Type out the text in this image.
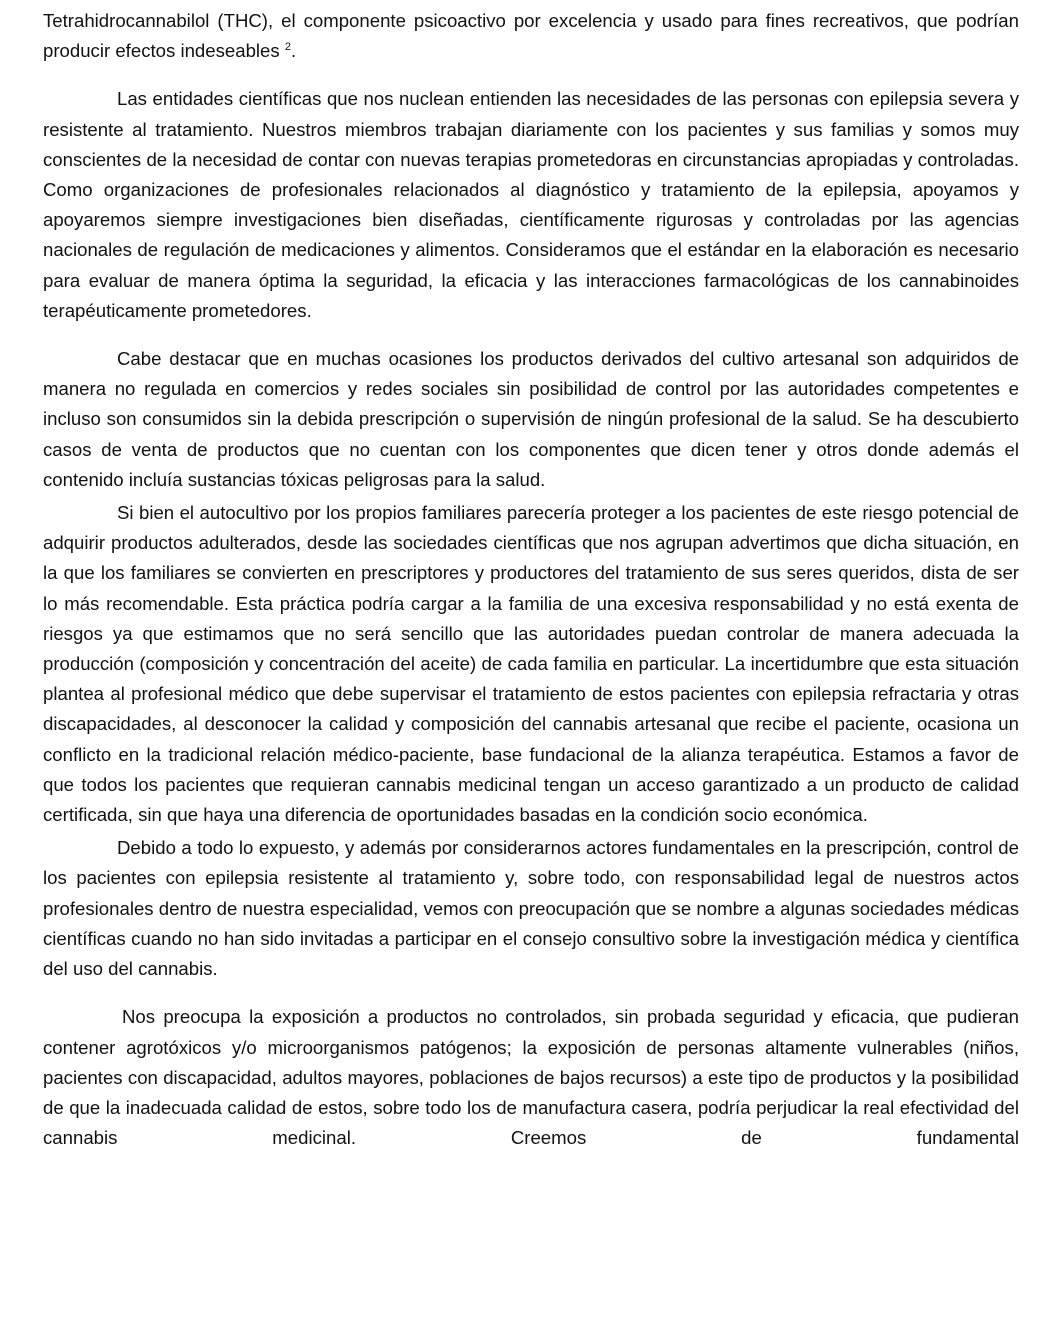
Tetrahidrocannabilol (THC), el componente psicoactivo por excelencia y usado para fines recreativos, que podrían producir efectos indeseables $^2$.

Las entidades científicas que nos nuclean entienden las necesidades de las personas con epilepsia severa y resistente al tratamiento. Nuestros miembros trabajan diariamente con los pacientes y sus familias y somos muy conscientes de la necesidad de contar con nuevas terapias prometedoras en circunstancias apropiadas y controladas. Como organizaciones de profesionales relacionados al diagnóstico y tratamiento de la epilepsia, apoyamos y apoyaremos siempre investigaciones bien diseñadas, científicamente rigurosas y controladas por las agencias nacionales de regulación de medicaciones y alimentos. Consideramos que el estándar en la elaboración es necesario para evaluar de manera óptima la seguridad, la eficacia y las interacciones farmacológicas de los cannabinoides terapéuticamente prometedores.

Cabe destacar que en muchas ocasiones los productos derivados del cultivo artesanal son adquiridos de manera no regulada en comercios y redes sociales sin posibilidad de control por las autoridades competentes e incluso son consumidos sin la debida prescripción o supervisión de ningún profesional de la salud. Se ha descubierto casos de venta de productos que no cuentan con los componentes que dicen tener y otros donde además el contenido incluía sustancias tóxicas peligrosas para la salud.

Si bien el autocultivo por los propios familiares parecería proteger a los pacientes de este riesgo potencial de adquirir productos adulterados, desde las sociedades científicas que nos agrupan advertimos que dicha situación, en la que los familiares se convierten en prescriptores y productores del tratamiento de sus seres queridos, dista de ser lo más recomendable. Esta práctica podría cargar a la familia de una excesiva responsabilidad y no está exenta de riesgos ya que estimamos que no será sencillo que las autoridades puedan controlar de manera adecuada la producción (composición y concentración del aceite) de cada familia en particular. La incertidumbre que esta situación plantea al profesional médico que debe supervisar el tratamiento de estos pacientes con epilepsia refractaria y otras discapacidades, al desconocer la calidad y composición del cannabis artesanal que recibe el paciente, ocasiona un conflicto en la tradicional relación médico-paciente, base fundacional de la alianza terapéutica. Estamos a favor de que todos los pacientes que requieran cannabis medicinal tengan un acceso garantizado a un producto de calidad certificada, sin que haya una diferencia de oportunidades basadas en la condición socio económica.

Debido a todo lo expuesto, y además por considerarnos actores fundamentales en la prescripción, control de los pacientes con epilepsia resistente al tratamiento y, sobre todo, con responsabilidad legal de nuestros actos profesionales dentro de nuestra especialidad, vemos con preocupación que se nombre a algunas sociedades médicas científicas cuando no han sido invitadas a participar en el consejo consultivo sobre la investigación médica y científica del uso del cannabis.

Nos preocupa la exposición a productos no controlados, sin probada seguridad y eficacia, que pudieran contener agrotóxicos y/o microorganismos patógenos; la exposición de personas altamente vulnerables (niños, pacientes con discapacidad, adultos mayores, poblaciones de bajos recursos) a este tipo de productos y la posibilidad de que la inadecuada calidad de estos, sobre todo los de manufactura casera, podría perjudicar la real efectividad del cannabis medicinal. Creemos de fundamental
